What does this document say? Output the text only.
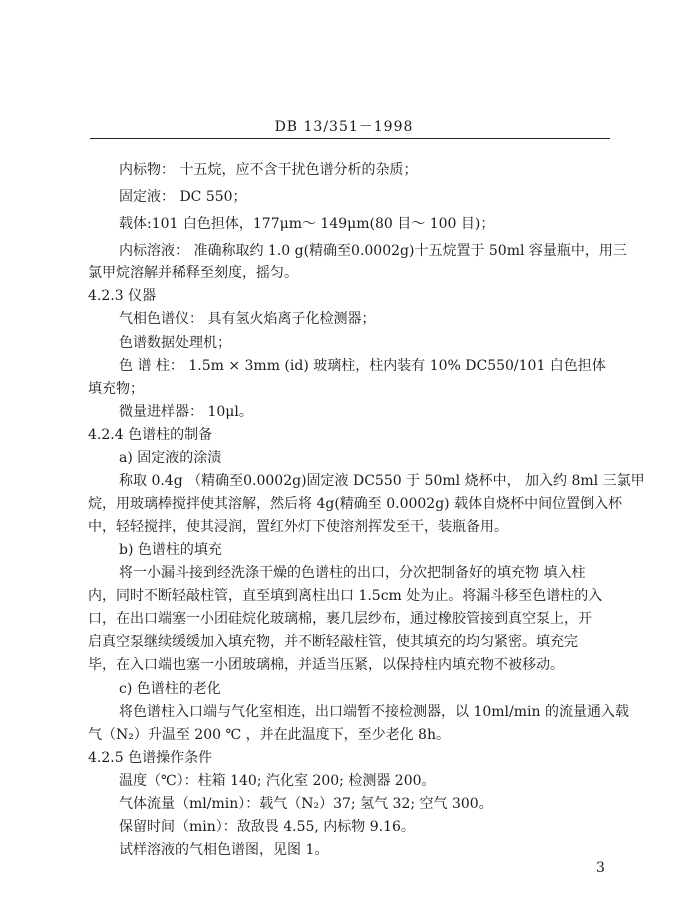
DB 13/351－1998
内标物： 十五烷，应不含干扰色谱分析的杂质；
固定液： DC 550；
载体:101 白色担体，177μm～ 149μm(80 目～ 100 目)；
内标溶液： 准确称取约 1.0 g(精确至0.0002g)十五烷置于 50ml 容量瓶中，用三
氯甲烷溶解并稀释至刻度，摇匀。
4.2.3 仪器
气相色谱仪： 具有氢火焰离子化检测器；
色谱数据处理机；
色 谱 柱： 1.5m × 3mm (id) 玻璃柱，柱内装有 10% DC550/101 白色担体
填充物；
微量进样器： 10μl。
4.2.4 色谱柱的制备
a) 固定液的涂渍
称取 0.4g （精确至0.0002g)固定液 DC550 于 50ml 烧杯中， 加入约 8ml 三氯甲
烷，用玻璃棒搅拌使其溶解，然后将 4g(精确至 0.0002g) 载体自烧杯中间位置倒入杯
中，轻轻搅拌，使其浸润，置红外灯下使溶剂挥发至干，装瓶备用。
b) 色谱柱的填充
将一小漏斗接到经洗涤干燥的色谱柱的出口，分次把制备好的填充物 填入柱
内，同时不断轻敲柱管，直至填到离柱出口 1.5cm 处为止。将漏斗移至色谱柱的入
口，在出口端塞一小团硅烷化玻璃棉，裹几层纱布，通过橡胶管接到真空泵上，开
启真空泵继续缓缓加入填充物，并不断轻敲柱管，使其填充的均匀紧密。填充完
毕，在入口端也塞一小团玻璃棉，并适当压紧，以保持柱内填充物不被移动。
c) 色谱柱的老化
将色谱柱入口端与气化室相连，出口端暂不接检测器，以 10ml/min 的流量通入载
气（N₂）升温至 200 ℃ ，并在此温度下，至少老化 8h。
4.2.5 色谱操作条件
温度（℃）：柱箱 140; 汽化室 200; 检测器 200。
气体流量（ml/min）：载气（N₂）37; 氢气 32; 空气 300。
保留时间（min）：敌敌畏 4.55, 内标物 9.16。
试样溶液的气相色谱图，见图 1。
3
